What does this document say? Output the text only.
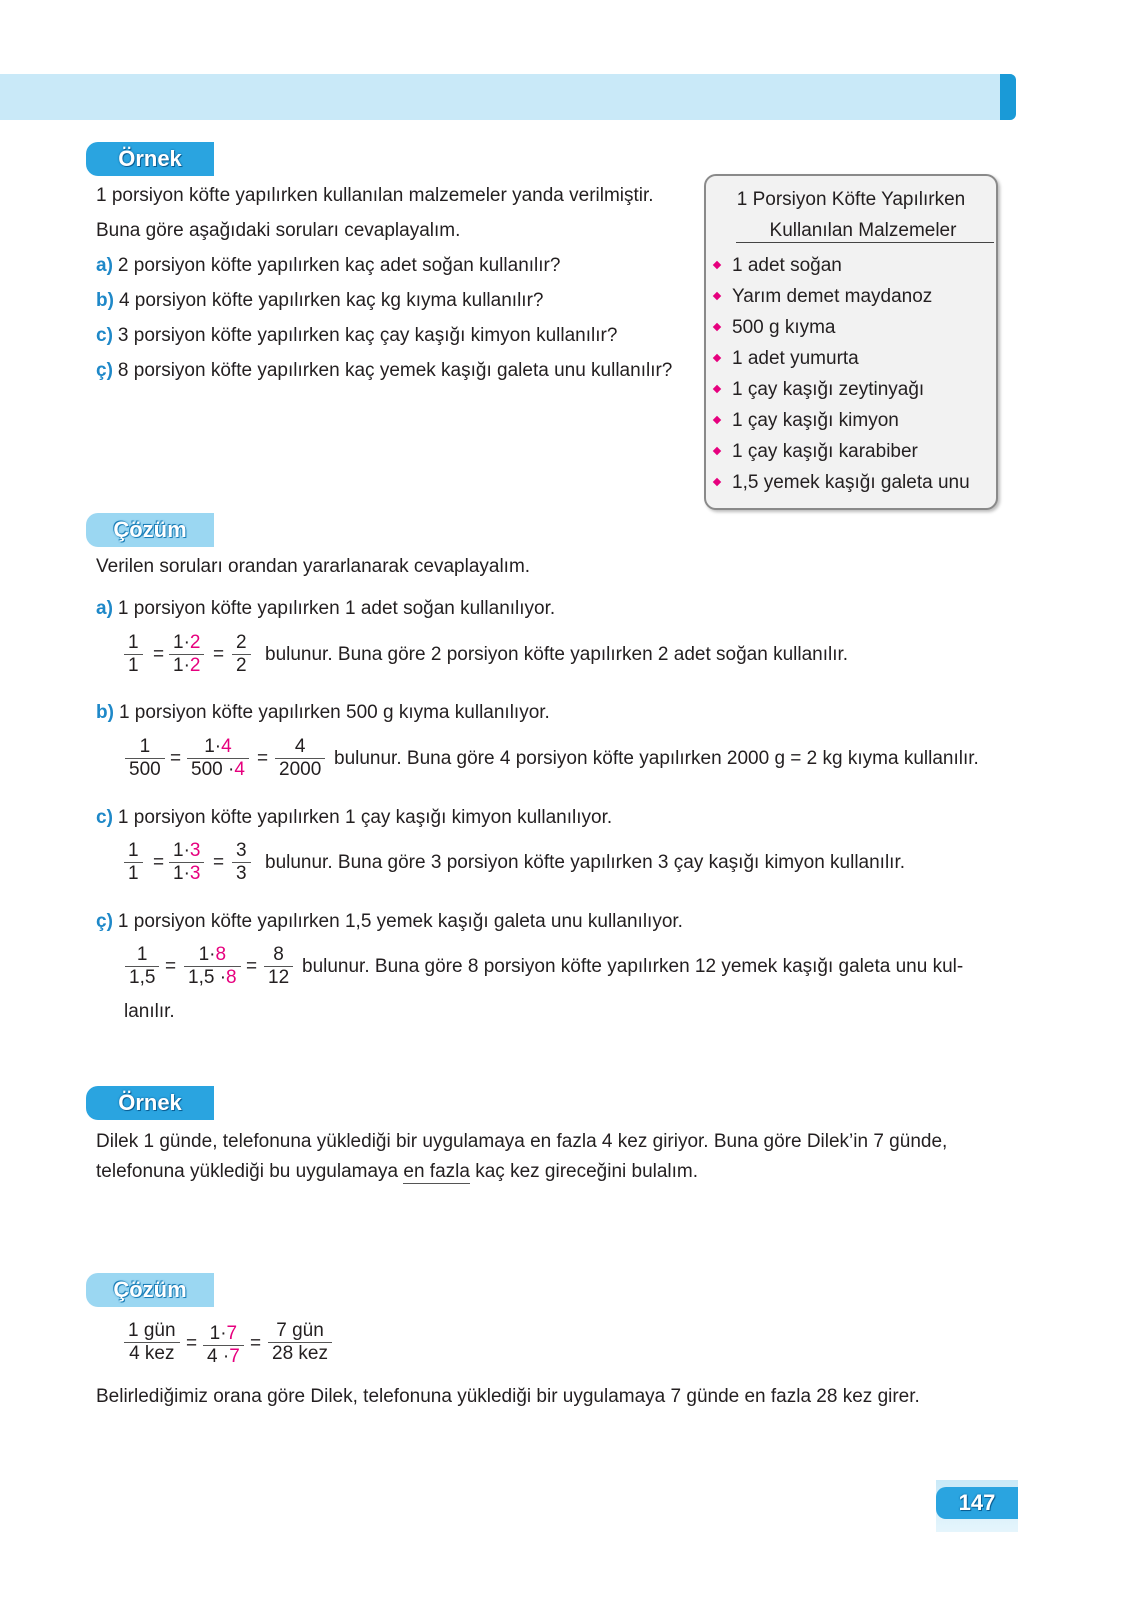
Örnek
1 porsiyon köfte yapılırken kullanılan malzemeler yanda verilmiştir.
Buna göre aşağıdaki soruları cevaplayalım.
a) 2 porsiyon köfte yapılırken kaç adet soğan kullanılır?
b) 4 porsiyon köfte yapılırken kaç kg kıyma kullanılır?
c) 3 porsiyon köfte yapılırken kaç çay kaşığı kimyon kullanılır?
ç) 8 porsiyon köfte yapılırken kaç yemek kaşığı galeta unu kullanılır?
1 Porsiyon Köfte Yapılırken
Kullanılan Malzemeler
1 adet soğan
Yarım demet maydanoz
500 g kıyma
1 adet yumurta
1 çay kaşığı zeytinyağı
1 çay kaşığı kimyon
1 çay kaşığı karabiber
1,5 yemek kaşığı galeta unu
Çözüm
Verilen soruları orandan yararlanarak cevaplayalım.
a) 1 porsiyon köfte yapılırken 1 adet soğan kullanılıyor.
$\frac{1}{1} = \frac{1\cdot 2}{1\cdot 2} = \frac{2}{2}$ bulunur. Buna göre 2 porsiyon köfte yapılırken 2 adet soğan kullanılır.
b) 1 porsiyon köfte yapılırken 500 g kıyma kullanılıyor.
$\frac{1}{500} = \frac{1\cdot 4}{500 \cdot 4} = \frac{4}{2000}$ bulunur. Buna göre 4 porsiyon köfte yapılırken 2000 g = 2 kg kıyma kullanılır.
c) 1 porsiyon köfte yapılırken 1 çay kaşığı kimyon kullanılıyor.
$\frac{1}{1} = \frac{1\cdot 3}{1\cdot 3} = \frac{3}{3}$ bulunur. Buna göre 3 porsiyon köfte yapılırken 3 çay kaşığı kimyon kullanılır.
ç) 1 porsiyon köfte yapılırken 1,5 yemek kaşığı galeta unu kullanılıyor.
$\frac{1}{1,5} = \frac{1\cdot 8}{1,5 \cdot 8} = \frac{8}{12}$ bulunur. Buna göre 8 porsiyon köfte yapılırken 12 yemek kaşığı galeta unu kul-
lanılır.
Örnek
Dilek 1 günde, telefonuna yüklediği bir uygulamaya en fazla 4 kez giriyor. Buna göre Dilek’in 7 günde,
telefonuna yüklediği bu uygulamaya en fazla kaç kez gireceğini bulalım.
Çözüm
1 gün
4 kez = $\frac{1\cdot 7}{4 \cdot 7}$ =
7 gün
28 kez
Belirlediğimiz orana göre Dilek, telefonuna yüklediği bir uygulamaya 7 günde en fazla 28 kez girer.
147
